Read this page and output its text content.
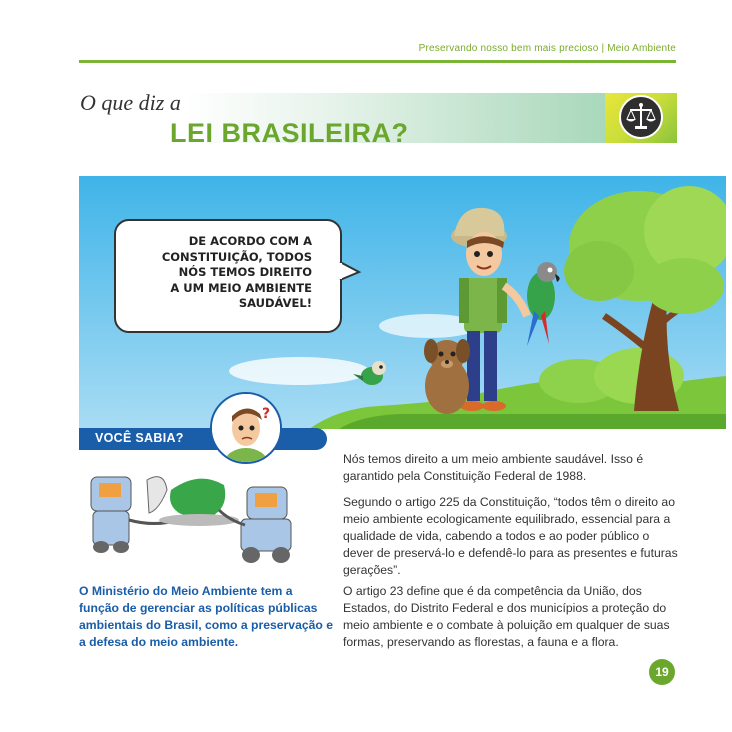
Preservando nosso bem mais precioso | Meio Ambiente
O que diz a
LEI BRASILEIRA?
DE ACORDO COM A
CONSTITUIÇÃO, TODOS
NÓS TEMOS DIREITO
A UM MEIO AMBIENTE
SAUDÁVEL!
VOCÊ SABIA?
?
O Ministério do Meio Ambiente tem a função de gerenciar as políticas públicas ambientais do Brasil, como a preservação e a defesa do meio ambiente.

Nós temos direito a um meio ambiente saudável. Isso é garantido pela Constituição Federal de 1988.

Segundo o artigo 225 da Constituição, “todos têm o direito ao meio ambiente ecologicamente equilibrado, essencial para a qualidade de vida, cabendo a todos e ao poder público o dever de preservá-lo e defendê-lo para as presentes e futuras gerações”.

O artigo 23 define que é da competência da União, dos Estados, do Distrito Federal e dos municípios a proteção do meio ambiente e o combate à poluição em qualquer de suas formas, preservando as florestas, a fauna e a flora.

19
